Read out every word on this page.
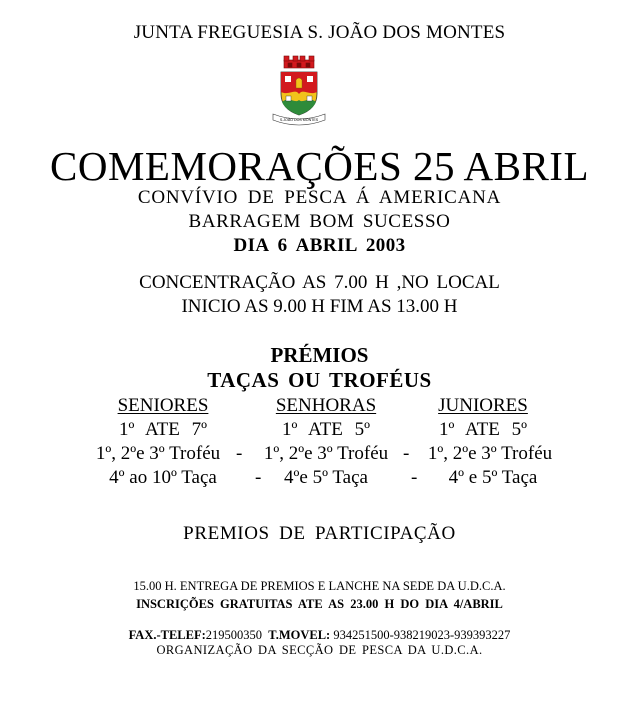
JUNTA FREGUESIA S. JOÃO DOS MONTES
S.JOÃO DOS MONTES
COMEMORAÇÕES 25 ABRIL
CONVÍVIO DE PESCA Á AMERICANA
BARRAGEM BOM SUCESSO
DIA 6 ABRIL 2003
CONCENTRAÇÃO AS 7.00 H ,NO LOCAL
INICIO AS 9.00 H FIM AS 13.00 H
PRÉMIOS
TAÇAS OU TROFÉUS
SENIORES
1º ATE 7º
1º, 2ºe 3º Troféu
4º ao 10º Taça
SENHORAS
1º ATE 5º
1º, 2ºe 3º Troféu
4ºe 5º Taça
JUNIORES
1º ATE 5º
1º, 2ºe 3º Troféu
4º e 5º Taça
-	-
-	-
PREMIOS DE PARTICIPAÇÃO
15.00 H. ENTREGA DE PREMIOS E LANCHE NA SEDE DA U.D.C.A.
INSCRIÇÕES GRATUITAS ATE AS 23.00 H DO DIA 4/ABRIL
FAX.-TELEF:219500350 T.MOVEL: 934251500-938219023-939393227
ORGANIZAÇÃO DA SECÇÃO DE PESCA DA U.D.C.A.
